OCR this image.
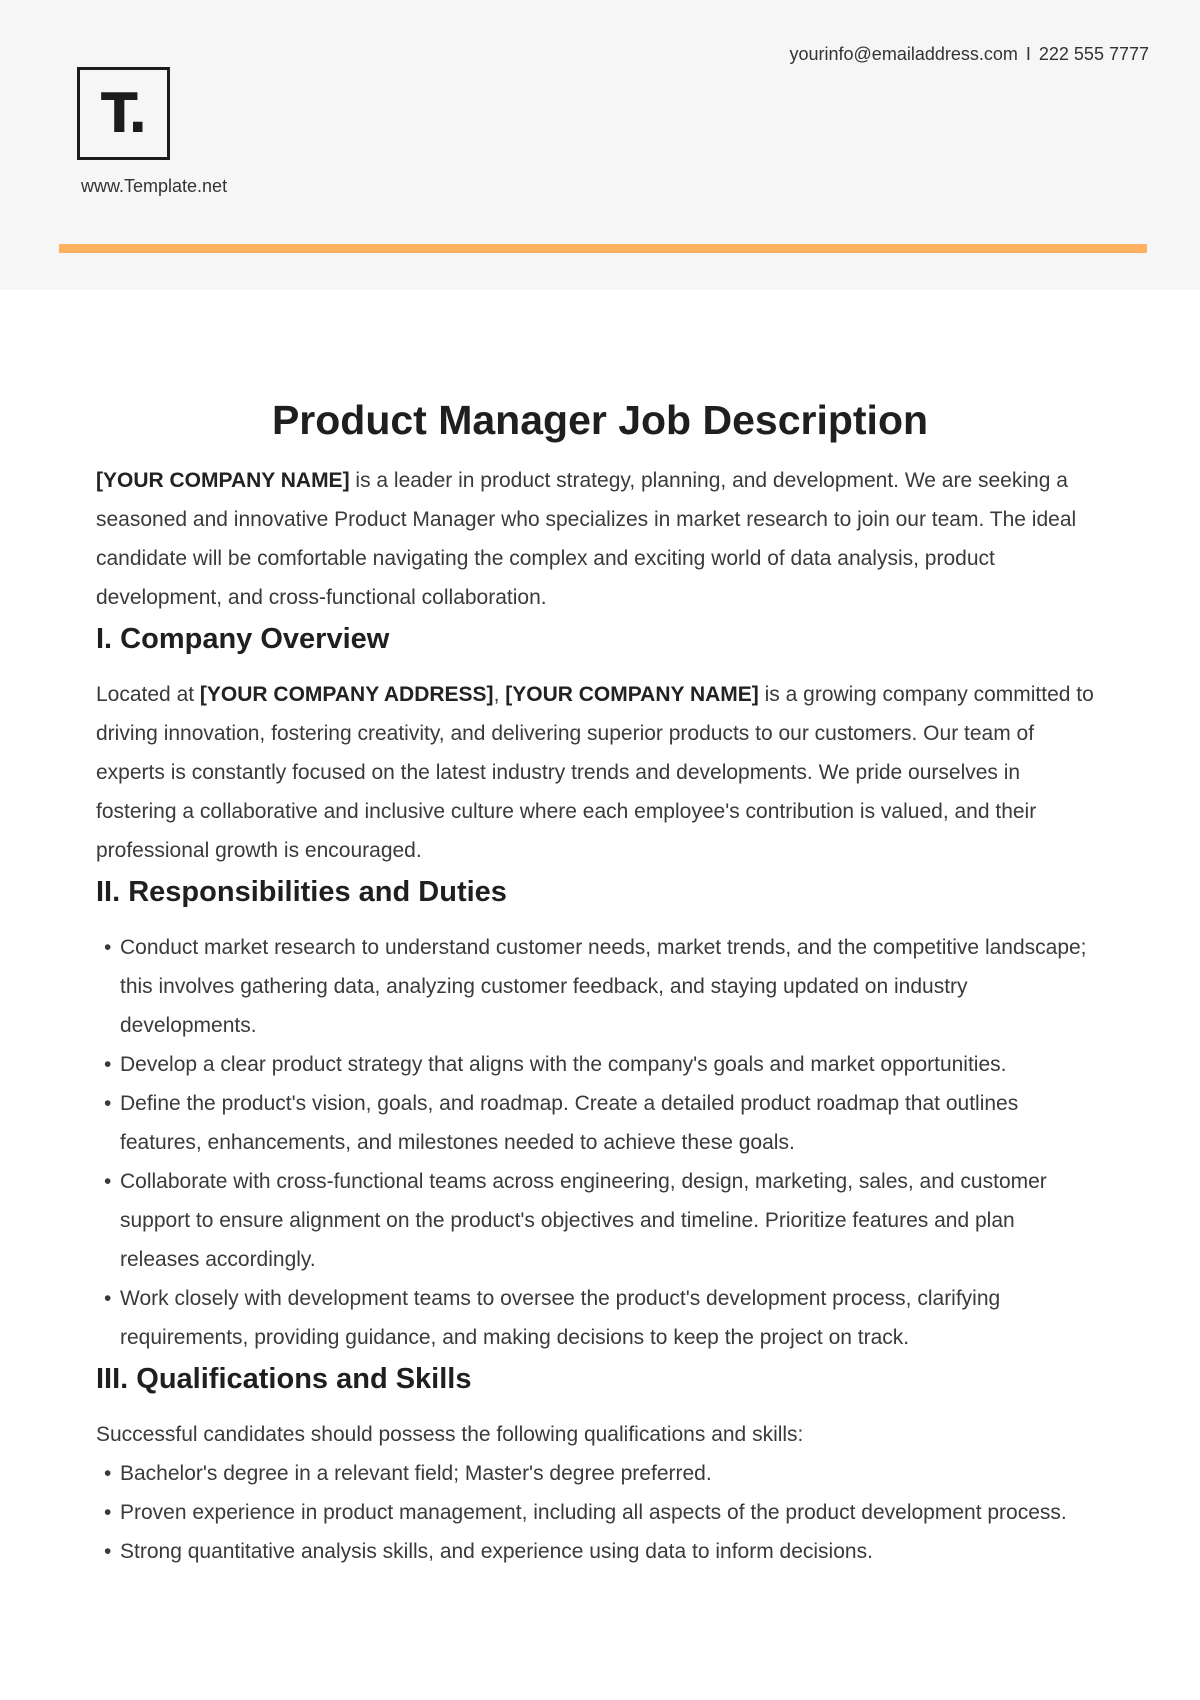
T.
www.Template.net
yourinfo@emailaddress.com I 222 555 7777
Product Manager Job Description

[YOUR COMPANY NAME] is a leader in product strategy, planning, and development. We are seeking a seasoned and innovative Product Manager who specializes in market research to join our team. The ideal candidate will be comfortable navigating the complex and exciting world of data analysis, product development, and cross-functional collaboration.

I. Company Overview

Located at [YOUR COMPANY ADDRESS], [YOUR COMPANY NAME] is a growing company committed to driving innovation, fostering creativity, and delivering superior products to our customers. Our team of experts is constantly focused on the latest industry trends and developments. We pride ourselves in fostering a collaborative and inclusive culture where each employee's contribution is valued, and their professional growth is encouraged.

II. Responsibilities and Duties
• Conduct market research to understand customer needs, market trends, and the competitive landscape; this involves gathering data, analyzing customer feedback, and staying updated on industry developments.
• Develop a clear product strategy that aligns with the company's goals and market opportunities.
• Define the product's vision, goals, and roadmap. Create a detailed product roadmap that outlines features, enhancements, and milestones needed to achieve these goals.
• Collaborate with cross-functional teams across engineering, design, marketing, sales, and customer support to ensure alignment on the product's objectives and timeline. Prioritize features and plan releases accordingly.
• Work closely with development teams to oversee the product's development process, clarifying requirements, providing guidance, and making decisions to keep the project on track.
III. Qualifications and Skills

Successful candidates should possess the following qualifications and skills:

• Bachelor's degree in a relevant field; Master's degree preferred.
• Proven experience in product management, including all aspects of the product development process.
• Strong quantitative analysis skills, and experience using data to inform decisions.
